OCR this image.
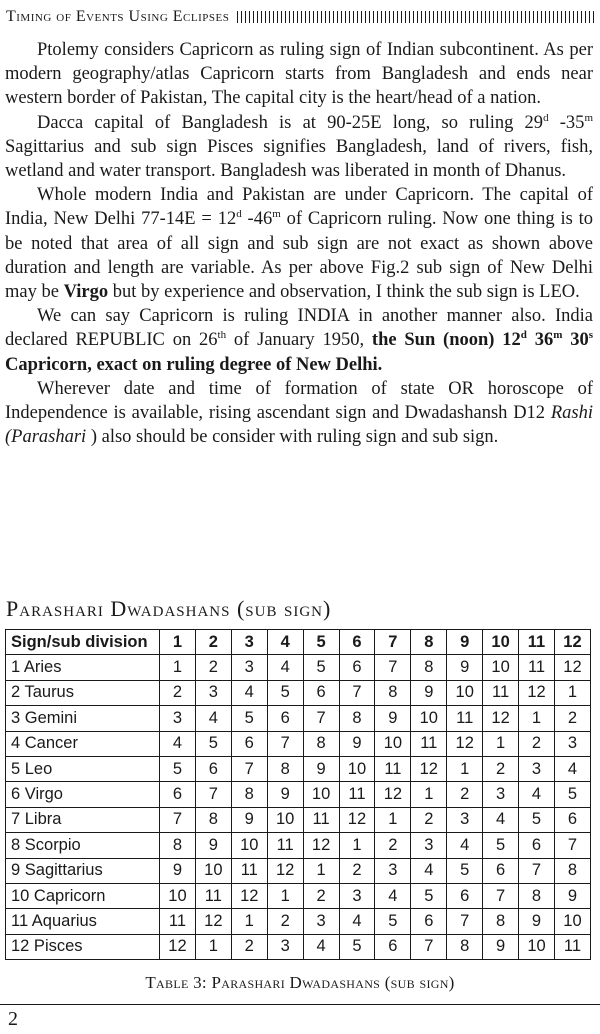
Timing of Events Using Eclipses

Ptolemy considers Capricorn as ruling sign of Indian subcontinent. As per modern geography/atlas Capricorn starts from Bangladesh and ends near western border of Pakistan, The capital city is the heart/head of a nation.

Dacca capital of Bangladesh is at 90-25E long, so ruling 29$^d$ -35$^m$ Sagittarius and sub sign Pisces signifies Bangladesh, land of rivers, fish, wetland and water transport. Bangladesh was liberated in month of Dhanus.

Whole modern India and Pakistan are under Capricorn. The capital of India, New Delhi $77-14E = 12^d$ -46$^m$ of Capricorn ruling. Now one thing is to be noted that area of all sign and sub sign are not exact as shown above duration and length are variable. As per above Fig.2 sub sign of New Delhi may be Virgo but by experience and observation, I think the sub sign is LEO.

We can say Capricorn is ruling INDIA in another manner also. India declared REPUBLIC on 26th of January 1950, the Sun (noon) 12$^d$ 36$^m$ 30$^s$ Capricorn, exact on ruling degree of New Delhi.

Wherever date and time of formation of state OR horoscope of Independence is available, rising ascendant sign and Dwadashansh D12 Rashi (Parashari ) also should be consider with ruling sign and sub sign.

Parashari Dwadashans (sub sign)
Sign/sub division	1	2	3	4	5	6	7	8	9	10	11	12
1 Aries	1	2	3	4	5	6	7	8	9	10	11	12
2 Taurus	2	3	4	5	6	7	8	9	10	11	12	1
3 Gemini	3	4	5	6	7	8	9	10	11	12	1	2
4 Cancer	4	5	6	7	8	9	10	11	12	1	2	3
5 Leo	5	6	7	8	9	10	11	12	1	2	3	4
6 Virgo	6	7	8	9	10	11	12	1	2	3	4	5
7 Libra	7	8	9	10	11	12	1	2	3	4	5	6
8 Scorpio	8	9	10	11	12	1	2	3	4	5	6	7
9 Sagittarius	9	10	11	12	1	2	3	4	5	6	7	8
10 Capricorn	10	11	12	1	2	3	4	5	6	7	8	9
11 Aquarius	11	12	1	2	3	4	5	6	7	8	9	10
12 Pisces	12	1	2	3	4	5	6	7	8	9	10	11
Table 3: Parashari Dwadashans (sub sign)
2
